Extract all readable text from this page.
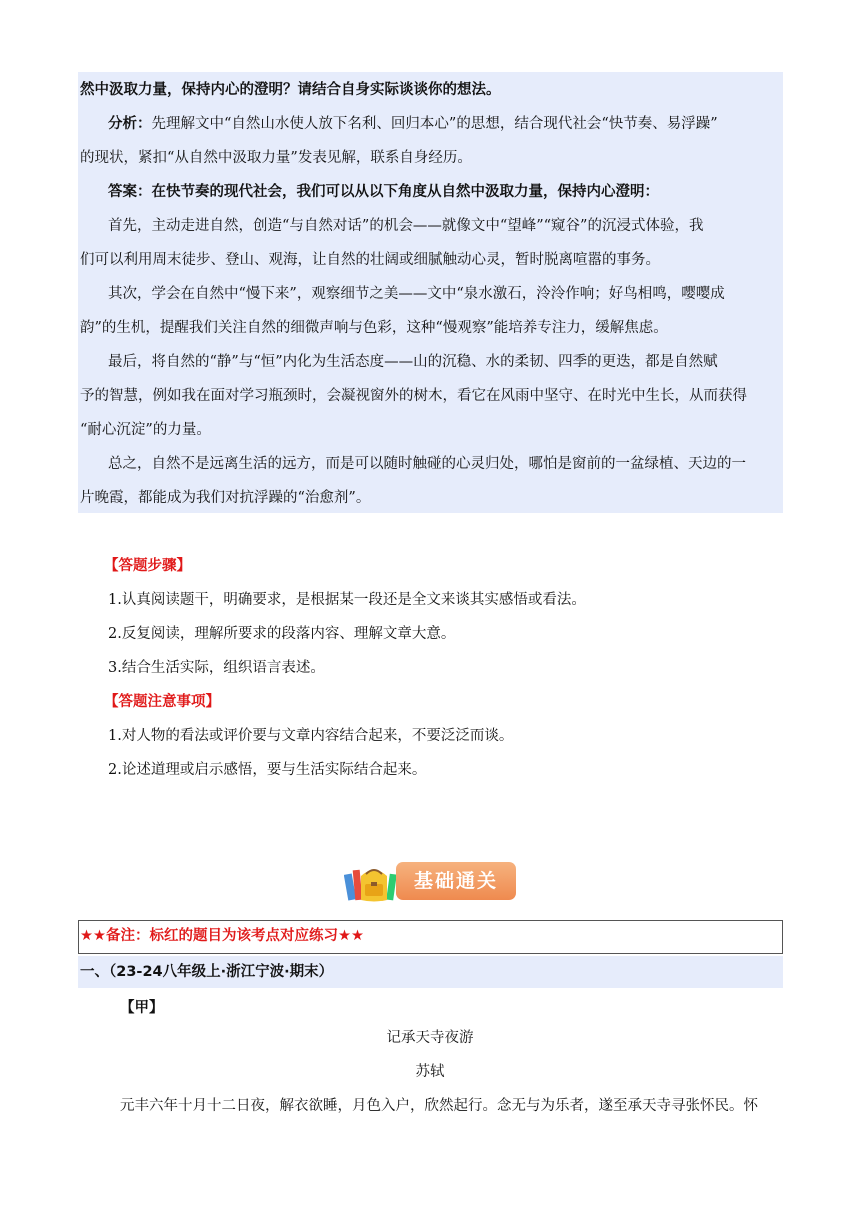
然中汲取力量，保持内心的澄明？请结合自身实际谈谈你的想法。
分析：先理解文中“自然山水使人放下名利、回归本心”的思想，结合现代社会“快节奏、易浮躁”
的现状，紧扣“从自然中汲取力量”发表见解，联系自身经历。
答案：在快节奏的现代社会，我们可以从以下角度从自然中汲取力量，保持内心澄明：
首先，主动走进自然，创造“与自然对话”的机会——就像文中“望峰”“窥谷”的沉浸式体验，我
们可以利用周末徒步、登山、观海，让自然的壮阔或细腻触动心灵，暂时脱离喧嚣的事务。
其次，学会在自然中“慢下来”，观察细节之美——文中“泉水激石，泠泠作响；好鸟相鸣，嘤嘤成
韵”的生机，提醒我们关注自然的细微声响与色彩，这种“慢观察”能培养专注力，缓解焦虑。
最后，将自然的“静”与“恒”内化为生活态度——山的沉稳、水的柔韧、四季的更迭，都是自然赋
予的智慧，例如我在面对学习瓶颈时，会凝视窗外的树木，看它在风雨中坚守、在时光中生长，从而获得
“耐心沉淀”的力量。
总之，自然不是远离生活的远方，而是可以随时触碰的心灵归处，哪怕是窗前的一盆绿植、天边的一
片晚霞，都能成为我们对抗浮躁的“治愈剂”。
【答题步骤】
1.认真阅读题干，明确要求，是根据某一段还是全文来谈其实感悟或看法。
2.反复阅读，理解所要求的段落内容、理解文章大意。
3.结合生活实际，组织语言表述。
【答题注意事项】
1.对人物的看法或评价要与文章内容结合起来，不要泛泛而谈。
2.论述道理或启示感悟，要与生活实际结合起来。
基础通关
★★备注：标红的题目为该考点对应练习★★
一、（23-24八年级上·浙江宁波·期末）
【甲】
记承天寺夜游
苏轼
元丰六年十月十二日夜，解衣欲睡，月色入户，欣然起行。念无与为乐者，遂至承天寺寻张怀民。怀
